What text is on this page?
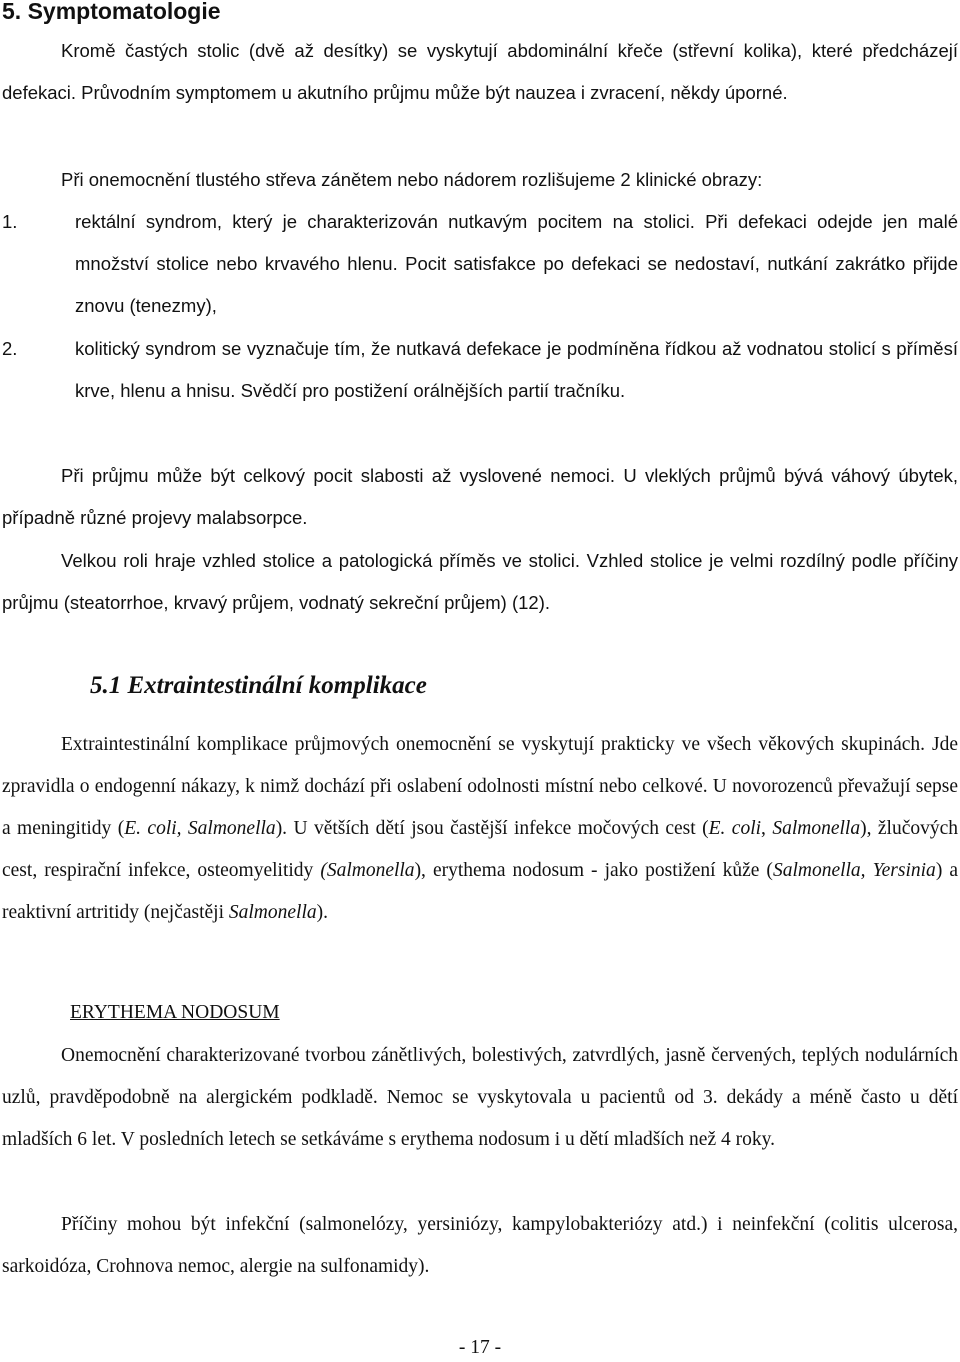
5. Symptomatologie

Kromě častých stolic (dvě až desítky) se vyskytují abdominální křeče (střevní kolika), které předcházejí defekaci. Průvodním symptomem u akutního průjmu může být nauzea i zvracení, někdy úporné.

Při onemocnění tlustého střeva zánětem nebo nádorem rozlišujeme 2 klinické obrazy:

1.	rektální syndrom, který je charakterizován nutkavým pocitem na stolici. Při defekaci odejde jen malé množství stolice nebo krvavého hlenu. Pocit satisfakce po defekaci se nedostaví, nutkání zakrátko přijde znovu (tenezmy),
2.	kolitický syndrom se vyznačuje tím, že nutkavá defekace je podmíněna řídkou až vodnatou stolicí s příměsí krve, hlenu a hnisu. Svědčí pro postižení orálnějších partií tračníku.

Při průjmu může být celkový pocit slabosti až vyslovené nemoci. U vleklých průjmů bývá váhový úbytek, případně různé projevy malabsorpce.

Velkou roli hraje vzhled stolice a patologická příměs ve stolici. Vzhled stolice je velmi rozdílný podle příčiny průjmu (steatorrhoe, krvavý průjem, vodnatý sekreční průjem) (12).

5.1 Extraintestinální komplikace

Extraintestinální komplikace průjmových onemocnění se vyskytují prakticky ve všech věkových skupinách. Jde zpravidla o endogenní nákazy, k nimž dochází při oslabení odolnosti místní nebo celkové. U novorozenců převažují sepse a meningitidy (E. coli, Salmonella). U větších dětí jsou častější infekce močových cest (E. coli, Salmonella), žlučových cest, respirační infekce, osteomyelitidy (Salmonella), erythema nodosum - jako postižení kůže (Salmonella, Yersinia) a reaktivní artritidy (nejčastěji Salmonella).

ERYTHEMA NODOSUM

Onemocnění charakterizované tvorbou zánětlivých, bolestivých, zatvrdlých, jasně červených, teplých nodulárních uzlů, pravděpodobně na alergickém podkladě. Nemoc se vyskytovala u pacientů od 3. dekády a méně často u dětí mladších 6 let. V posledních letech se setkáváme s erythema nodosum i u dětí mladších než 4 roky.

Příčiny mohou být infekční (salmonelózy, yersiniózy, kampylobakteriózy atd.) i neinfekční (colitis ulcerosa, sarkoidóza, Crohnova nemoc, alergie na sulfonamidy).

- 17 -
